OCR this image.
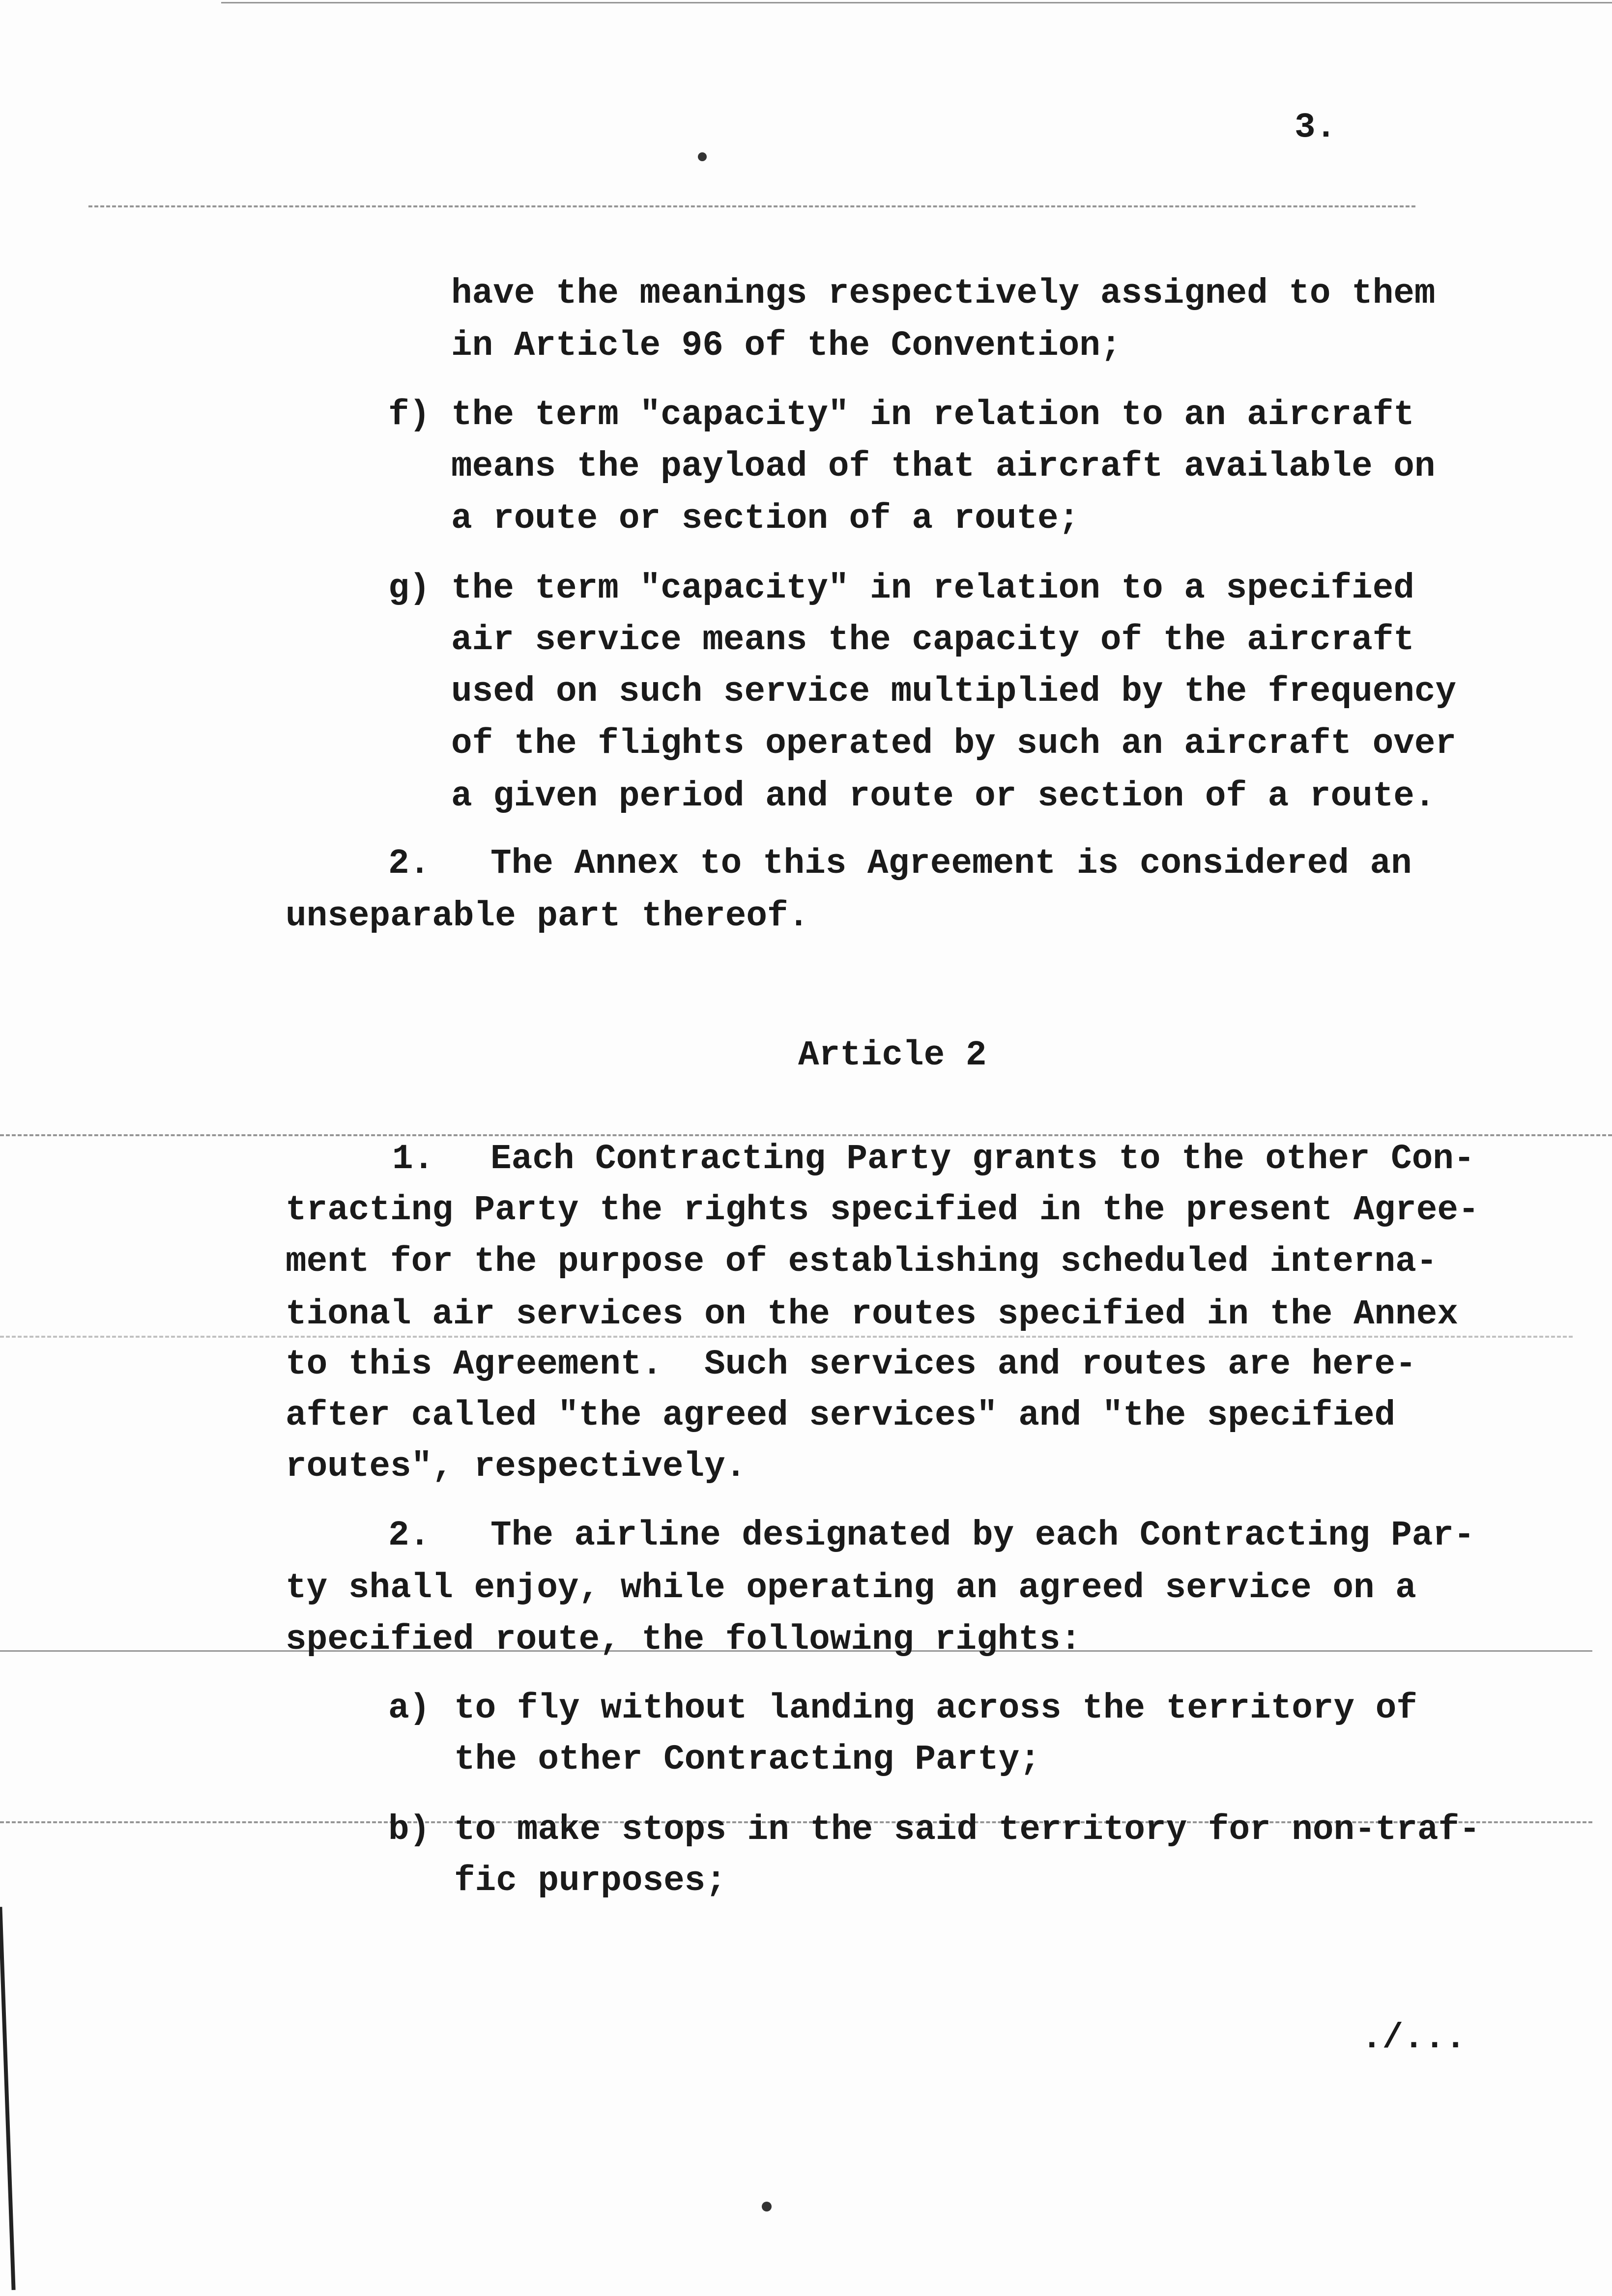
3.
have the meanings respectively assigned to them
in Article 96 of the Convention;
f) the term "capacity" in relation to an aircraft
means the payload of that aircraft available on
a route or section of a route;
g) the term "capacity" in relation to a specified
air service means the capacity of the aircraft
used on such service multiplied by the frequency
of the flights operated by such an aircraft over
a given period and route or section of a route.
2. The Annex to this Agreement is considered an
unseparable part thereof.
Article 2
1. Each Contracting Party grants to the other Con-
tracting Party the rights specified in the present Agree-
ment for the purpose of establishing scheduled interna-
tional air services on the routes specified in the Annex
to this Agreement.  Such services and routes are here-
after called "the agreed services" and "the specified
routes", respectively.
2. The airline designated by each Contracting Par-
ty shall enjoy, while operating an agreed service on a
specified route, the following rights:
a) to fly without landing across the territory of
the other Contracting Party;
b) to make stops in the said territory for non-traf-
fic purposes;
./...
